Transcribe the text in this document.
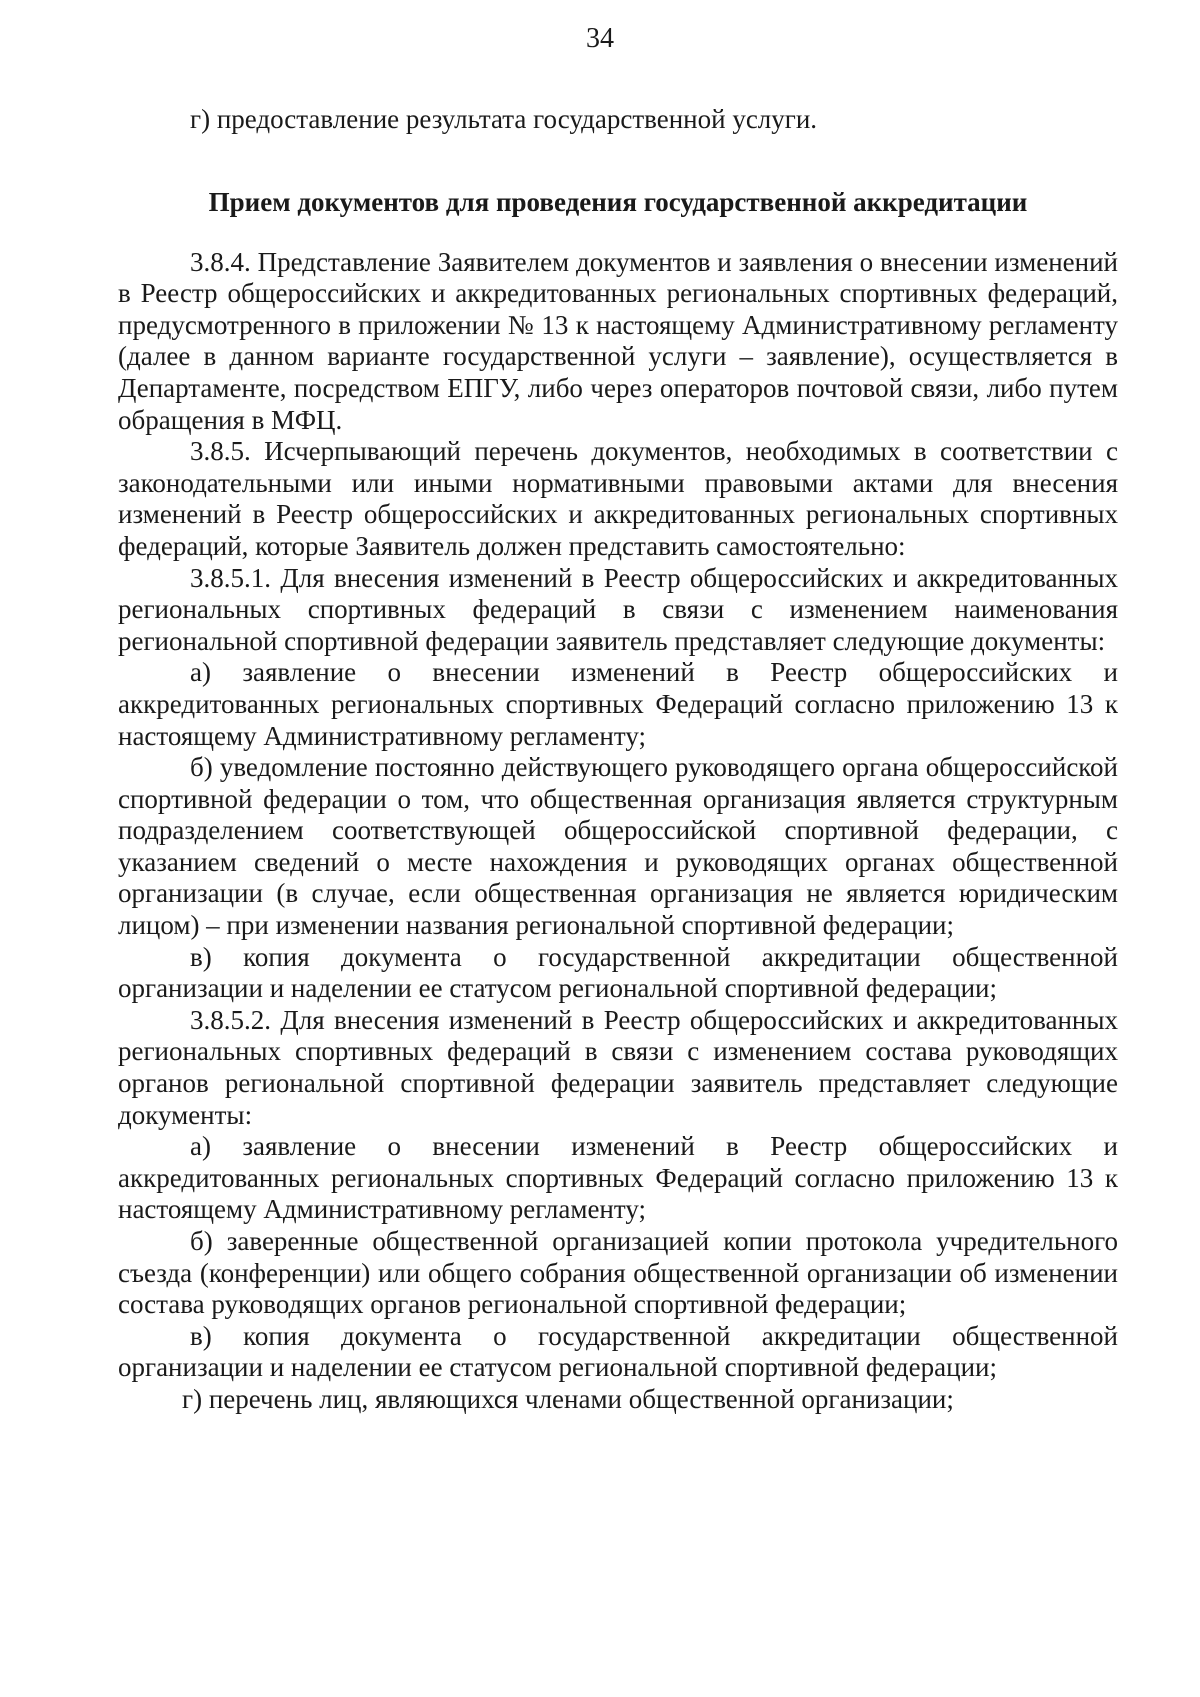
34

г) предоставление результата государственной услуги.

Прием документов для проведения государственной аккредитации

3.8.4. Представление Заявителем документов и заявления о внесении изменений в Реестр общероссийских и аккредитованных региональных спортивных федераций, предусмотренного в приложении № 13 к настоящему Административному регламенту (далее в данном варианте государственной услуги – заявление), осуществляется в Департаменте, посредством ЕПГУ, либо через операторов почтовой связи, либо путем обращения в МФЦ.

3.8.5. Исчерпывающий перечень документов, необходимых в соответствии с законодательными или иными нормативными правовыми актами для внесения изменений в Реестр общероссийских и аккредитованных региональных спортивных федераций, которые Заявитель должен представить самостоятельно:

3.8.5.1. Для внесения изменений в Реестр общероссийских и аккредитованных региональных спортивных федераций в связи с изменением наименования региональной спортивной федерации заявитель представляет следующие документы:

а) заявление о внесении изменений в Реестр общероссийских и аккредитованных региональных спортивных Федераций согласно приложению 13 к настоящему Административному регламенту;

б) уведомление постоянно действующего руководящего органа общероссийской спортивной федерации о том, что общественная организация является структурным подразделением соответствующей общероссийской спортивной федерации, с указанием сведений о месте нахождения и руководящих органах общественной организации (в случае, если общественная организация не является юридическим лицом) – при изменении названия региональной спортивной федерации;

в) копия документа о государственной аккредитации общественной организации и наделении ее статусом региональной спортивной федерации;

3.8.5.2. Для внесения изменений в Реестр общероссийских и аккредитованных региональных спортивных федераций в связи с изменением состава руководящих органов региональной спортивной федерации заявитель представляет следующие документы:

а) заявление о внесении изменений в Реестр общероссийских и аккредитованных региональных спортивных Федераций согласно приложению 13 к настоящему Административному регламенту;

б) заверенные общественной организацией копии протокола учредительного съезда (конференции) или общего собрания общественной организации об изменении состава руководящих органов региональной спортивной федерации;

в) копия документа о государственной аккредитации общественной организации и наделении ее статусом региональной спортивной федерации;

г) перечень лиц, являющихся членами общественной организации;
